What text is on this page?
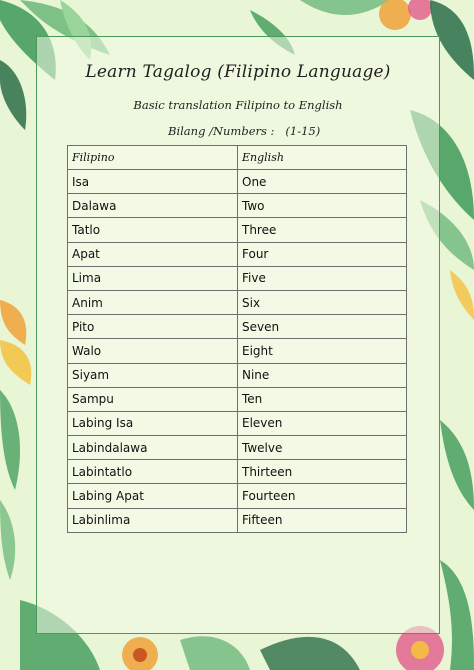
Learn Tagalog (Filipino Language)
Basic translation Filipino to English
Bilang /Numbers :   (1-15)
Filipino	English
Isa	One
Dalawa	Two
Tatlo	Three
Apat	Four
Lima	Five
Anim	Six
Pito	Seven
Walo	Eight
Siyam	Nine
Sampu	Ten
Labing Isa	Eleven
Labindalawa	Twelve
Labintatlo	Thirteen
Labing Apat	Fourteen
Labinlima	Fifteen
